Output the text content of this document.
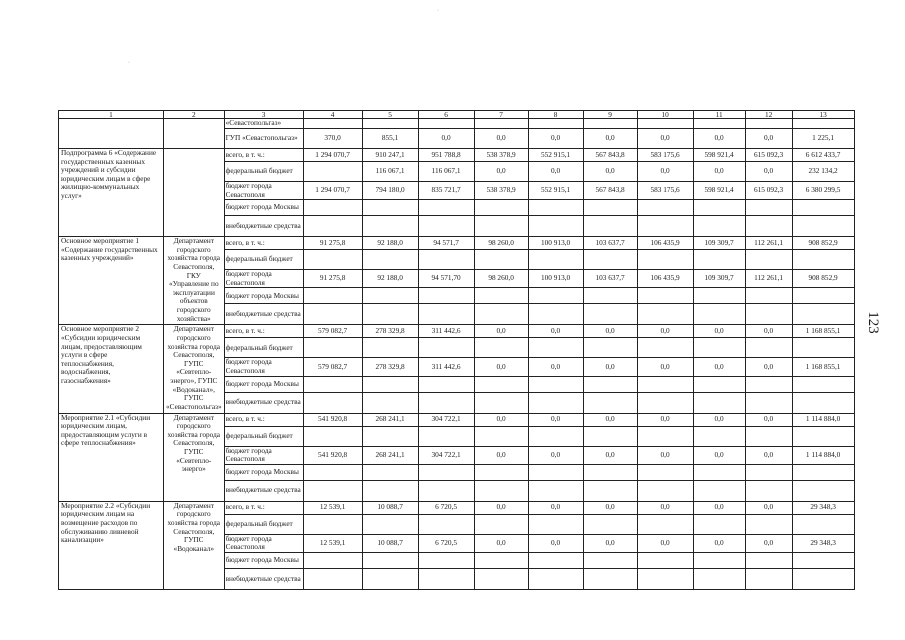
·
·
123
1	2	3	4	5	6	7	8	9	10	11	12	13
		«Севастопольгаз»										
		ГУП «Севастопольгаз»	370,0	855,1	0,0	0,0	0,0	0,0	0,0	0,0	0,0	1 225,1
Подпрограмма 6 «Содержание государственных казенных учреждений и субсидии юридическим лицам в сфере жилищно-коммунальных услуг»		всего, в т. ч.:	1 294 070,7	910 247,1	951 788,8	538 378,9	552 915,1	567 843,8	583 175,6	598 921,4	615 092,3	6 612 433,7
		федеральный бюджет		116 067,1	116 067,1	0,0	0,0	0,0	0,0	0,0	0,0	232 134,2
		бюджет города Севастополя	1 294 070,7	794 180,0	835 721,7	538 378,9	552 915,1	567 843,8	583 175,6	598 921,4	615 092,3	6 380 299,5
		бюджет города Москвы										
		внебюджетные средства										
Основное мероприятие 1 «Содержание государственных казенных учреждений»	Департамент городского хозяйства города Севастополя, ГКУ «Управление по эксплуатации объектов городского хозяйства»	всего, в т. ч.:	91 275,8	92 188,0	94 571,7	98 260,0	100 913,0	103 637,7	106 435,9	109 309,7	112 261,1	908 852,9
		федеральный бюджет										
		бюджет города Севастополя	91 275,8	92 188,0	94 571,70	98 260,0	100 913,0	103 637,7	106 435,9	109 309,7	112 261,1	908 852,9
		бюджет города Москвы										
		внебюджетные средства										
Основное мероприятие 2 «Субсидии юридическим лицам, предоставляющим услуги в сфере теплоснабжения, водоснабжения, газоснабжения»	Департамент городского хозяйства города Севастополя, ГУПС «Севтепло-энерго», ГУПС «Водоканал», ГУПС «Севастопольгаз»	всего, в т. ч.:	579 082,7	278 329,8	311 442,6	0,0	0,0	0,0	0,0	0,0	0,0	1 168 855,1
		федеральный бюджет										
		бюджет города Севастополя	579 082,7	278 329,8	311 442,6	0,0	0,0	0,0	0,0	0,0	0,0	1 168 855,1
		бюджет города Москвы										
		внебюджетные средства										
Мероприятие 2.1 «Субсидии юридическим лицам, предоставляющим услуги в сфере теплоснабжения»	Департамент городского хозяйства города Севастополя, ГУПС «Севтепло-энерго»	всего, в т. ч.:	541 920,8	268 241,1	304 722,1	0,0	0,0	0,0	0,0	0,0	0,0	1 114 884,0
		федеральный бюджет										
		бюджет города Севастополя	541 920,8	268 241,1	304 722,1	0,0	0,0	0,0	0,0	0,0	0,0	1 114 884,0
		бюджет города Москвы										
		внебюджетные средства										
Мероприятие 2.2 «Субсидии юридическим лицам на возмещение расходов по обслуживанию ливневой канализации»	Департамент городского хозяйства города Севастополя, ГУПС «Водоканал»	всего, в т. ч.:	12 539,1	10 088,7	6 720,5	0,0	0,0	0,0	0,0	0,0	0,0	29 348,3
		федеральный бюджет										
		бюджет города Севастополя	12 539,1	10 088,7	6 720,5	0,0	0,0	0,0	0,0	0,0	0,0	29 348,3
		бюджет города Москвы										
		внебюджетные средства										
